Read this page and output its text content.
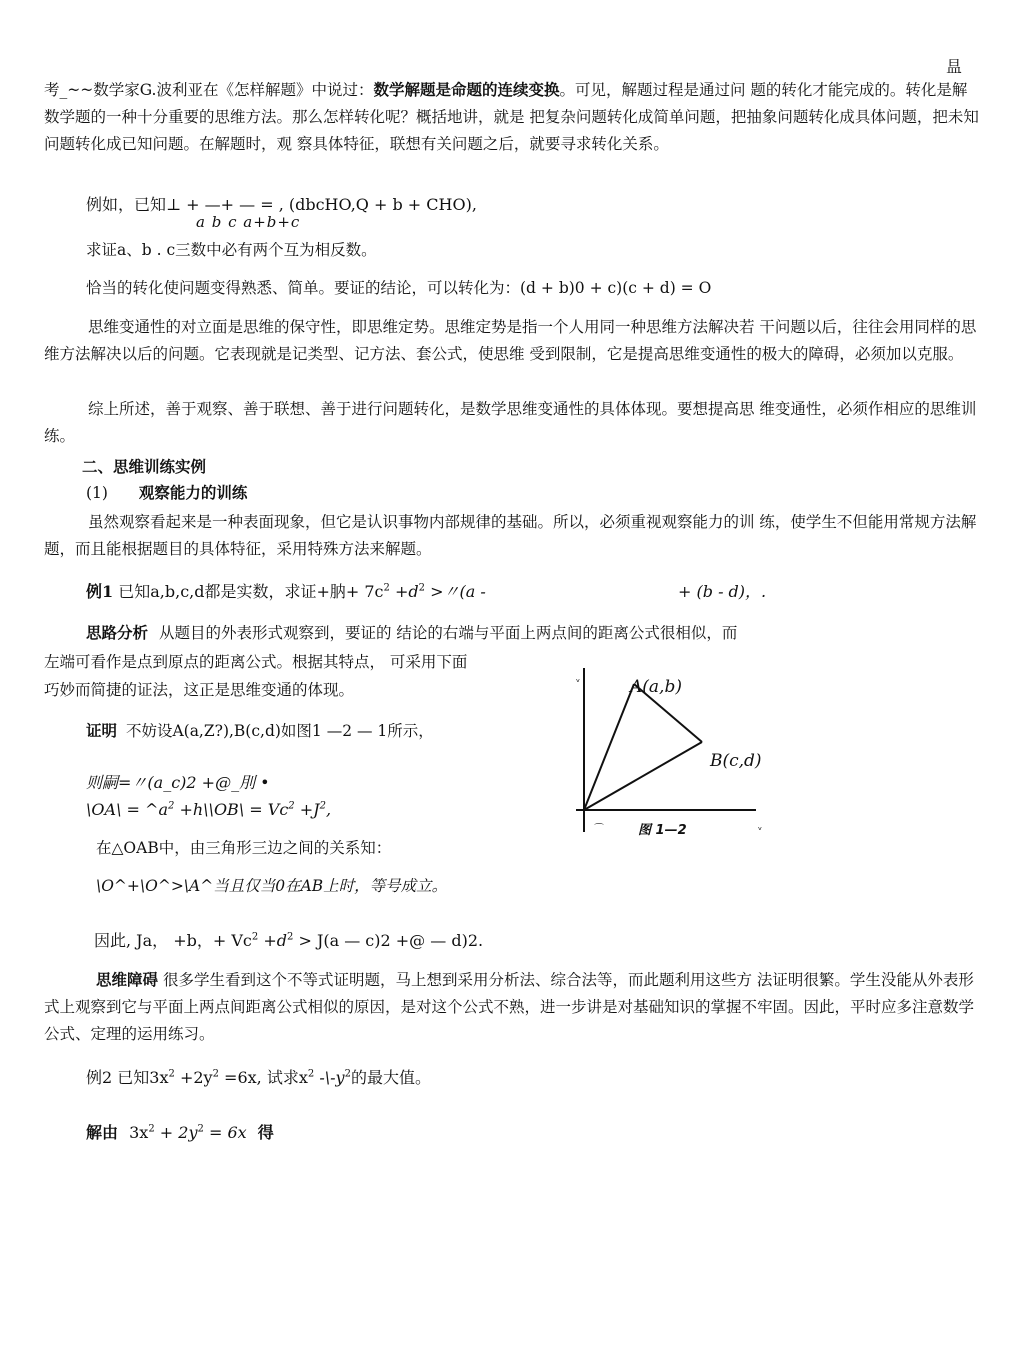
昷
考_~~数学家G.波利亚在《怎样解题》中说过：数学解题是命题的连续变换。可见，解题过程是通过问 题的转化才能完成的。转化是解数学题的一种十分重要的思维方法。那么怎样转化呢？概括地讲，就是 把复杂问题转化成简单问题，把抽象问题转化成具体问题，把未知问题转化成已知问题。在解题时，观 察具体特征，联想有关问题之后，就要寻求转化关系。
例如，已知⊥ + —+ — = , (dbcHO,Q + b + CHO),
a b c a+b+c
求证a、b . c三数中必有两个互为相反数。
恰当的转化使问题变得熟悉、简单。要证的结论，可以转化为：(d + b)0 + c)(c + d) = O
思维变通性的对立面是思维的保守性，即思维定势。思维定势是指一个人用同一种思维方法解决若 干问题以后，往往会用同样的思维方法解决以后的问题。它表现就是记类型、记方法、套公式，使思维 受到限制，它是提高思维变通性的极大的障碍，必须加以克服。
综上所述，善于观察、善于联想、善于进行问题转化，是数学思维变通性的具体体现。要想提高思 维变通性，必须作相应的思维训练。
二、思维训练实例
(1) 观察能力的训练
虽然观察看起来是一种表面现象，但它是认识事物内部规律的基础。所以，必须重视观察能力的训 练，使学生不但能用常规方法解题，而且能根据题目的具体特征，采用特殊方法来解题。
例1 已知a,b,c,d都是实数，求证+肭+ $7c^2 +d^2$ >〃(a -	+ (b - d)，.
思路分析 从题目的外表形式观察到，要证的 结论的右端与平面上两点间的距离公式很相似，而
左端可看作是点到原点的距离公式。根据其特点， 可采用下面
巧妙而简捷的证法，这正是思维变通的体现。
证明 不妨设A(a,Z?),B(c,d)如图1 —2 — 1所示，
则嗣=〃(a_c)2 +@_刖 •
\OA\ = $\^{}a^2$ +h\\OB\ = $Vc^2 +J^2$,
在△OAB中，由三角形三边之间的关系知：
\O^+\O^>\A^当且仅当0在AB上时，等号成立。
因此, Ja， +b，+ $Vc^2 +d^2 > J(a$ — c)2 +@ — d)2.
ᵥ
ᵥ
A(a,b)
B(c,d)
⌒	图 1—2
思维障碍 很多学生看到这个不等式证明题，马上想到采用分析法、综合法等，而此题利用这些方 法证明很繁。学生没能从外表形式上观察到它与平面上两点间距离公式相似的原因，是对这个公式不熟，进一步讲是对基础知识的掌握不牢固。因此，平时应多注意数学公式、定理的运用练习。
例2 已知$3x^2 +2y^2 =6x$, 试求$x^2$ $-\backslash-y^2$的最大值。
解由 $3x^2 + 2y^2 = 6x$ 得
